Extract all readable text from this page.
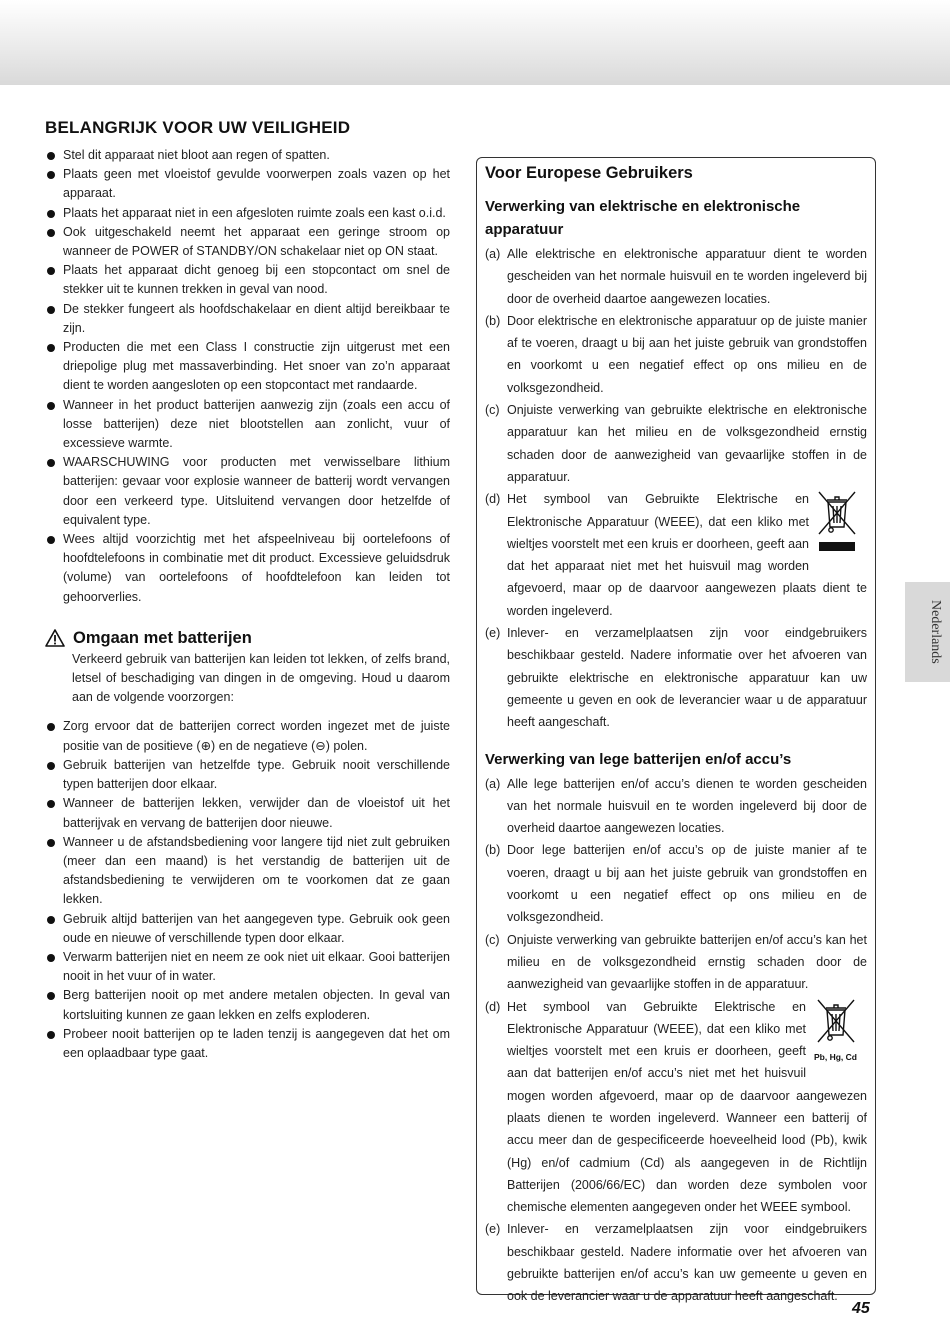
BELANGRIJK VOOR UW VEILIGHEID
Stel dit apparaat niet bloot aan regen of spatten.
Plaats geen met vloeistof gevulde voorwerpen zoals vazen op het apparaat.
Plaats het apparaat niet in een afgesloten ruimte zoals een kast o.i.d.
Ook uitgeschakeld neemt het apparaat een geringe stroom op wanneer de POWER of STANDBY/ON schakelaar niet op ON staat.
Plaats het apparaat dicht genoeg bij een stopcontact om snel de stekker uit te kunnen trekken in geval van nood.
De stekker fungeert als hoofdschakelaar en dient altijd bereikbaar te zijn.
Producten die met een Class I constructie zijn uitgerust met een driepolige plug met massaverbinding. Het snoer van zo’n apparaat dient te worden aangesloten op een stopcontact met randaarde.
Wanneer in het product batterijen aanwezig zijn (zoals een accu of losse batterijen) deze niet blootstellen aan zonlicht, vuur of excessieve warmte.
WAARSCHUWING voor producten met verwisselbare lithium batterijen: gevaar voor explosie wanneer de batterij wordt vervangen door een verkeerd type. Uitsluitend vervangen door hetzelfde of equivalent type.
Wees altijd voorzichtig met het afspeelniveau bij oortelefoons of hoofdtelefoons in combinatie met dit product. Excessieve geluidsdruk (volume) van oortelefoons of hoofdtelefoon kan leiden tot gehoorverlies.
Omgaan met batterijen

Verkeerd gebruik van batterijen kan leiden tot lekken, of zelfs brand, letsel of beschadiging van dingen in de omgeving. Houd u daarom aan de volgende voorzorgen:

Zorg ervoor dat de batterijen correct worden ingezet met de juiste positie van de positieve (⊕) en de negatieve (⊖) polen.
Gebruik batterijen van hetzelfde type. Gebruik nooit verschillende typen batterijen door elkaar.
Wanneer de batterijen lekken, verwijder dan de vloeistof uit het batterijvak en vervang de batterijen door nieuwe.
Wanneer u de afstandsbediening voor langere tijd niet zult gebruiken (meer dan een maand) is het verstandig de batterijen uit de afstandsbediening te verwijderen om te voorkomen dat ze gaan lekken.
Gebruik altijd batterijen van het aangegeven type. Gebruik ook geen oude en nieuwe of verschillende typen door elkaar.
Verwarm batterijen niet en neem ze ook niet uit elkaar. Gooi batterijen nooit in het vuur of in water.
Berg batterijen nooit op met andere metalen objecten. In geval van kortsluiting kunnen ze gaan lekken en zelfs exploderen.
Probeer nooit batterijen op te laden tenzij is aangegeven dat het om een oplaadbaar type gaat.
Voor Europese Gebruikers
Verwerking van elektrische en elektronische apparatuur
(a) Alle elektrische en elektronische apparatuur dient te worden gescheiden van het normale huisvuil en te worden ingeleverd bij door de overheid daartoe aangewezen locaties.
(b) Door elektrische en elektronische apparatuur op de juiste manier af te voeren, draagt u bij aan het juiste gebruik van grondstoffen en voorkomt u een negatief effect op ons milieu en de volksgezondheid.
(c) Onjuiste verwerking van gebruikte elektrische en elektronische apparatuur kan het milieu en de volksgezondheid ernstig schaden door de aanwezigheid van gevaarlijke stoffen in de apparatuur.
(d) Het symbool van Gebruikte Elektrische en Elektronische Apparatuur (WEEE), dat een kliko met wieltjes voorstelt met een kruis er doorheen, geeft aan dat het apparaat niet met het huisvuil mag worden afgevoerd, maar op de daarvoor aangewezen plaats dient te worden ingeleverd.
(e) Inlever- en verzamelplaatsen zijn voor eindgebruikers beschikbaar gesteld. Nadere informatie over het afvoeren van gebruikte elektrische en elektronische apparatuur kan uw gemeente u geven en ook de leverancier waar u de apparatuur heeft aangeschaft.
Verwerking van lege batterijen en/of accu’s
(a) Alle lege batterijen en/of accu’s dienen te worden gescheiden van het normale huisvuil en te worden ingeleverd bij door de overheid daartoe aangewezen locaties.
(b) Door lege batterijen en/of accu’s op de juiste manier af te voeren, draagt u bij aan het juiste gebruik van grondstoffen en voorkomt u een negatief effect op ons milieu en de volksgezondheid.
(c) Onjuiste verwerking van gebruikte batterijen en/of accu’s kan het milieu en de volksgezondheid ernstig schaden door de aanwezigheid van gevaarlijke stoffen in de apparatuur.
(d)
Pb, Hg, Cd
Het symbool van Gebruikte Elektrische en Elektronische Apparatuur (WEEE), dat een kliko met wieltjes voorstelt met een kruis er doorheen, geeft aan dat batterijen en/of accu’s niet met het huisvuil mogen worden afgevoerd, maar op de daarvoor aangewezen plaats dienen te worden ingeleverd. Wanneer een batterij of accu meer dan de gespecificeerde hoeveelheid lood (Pb), kwik (Hg) en/of cadmium (Cd) als aangegeven in de Richtlijn Batterijen (2006/66/EC) dan worden deze symbolen voor chemische elementen aangegeven onder het WEEE symbool.
(e) Inlever- en verzamelplaatsen zijn voor eindgebruikers beschikbaar gesteld. Nadere informatie over het afvoeren van gebruikte batterijen en/of accu’s kan uw gemeente u geven en ook de leverancier waar u de apparatuur heeft aangeschaft.
Nederlands
45
